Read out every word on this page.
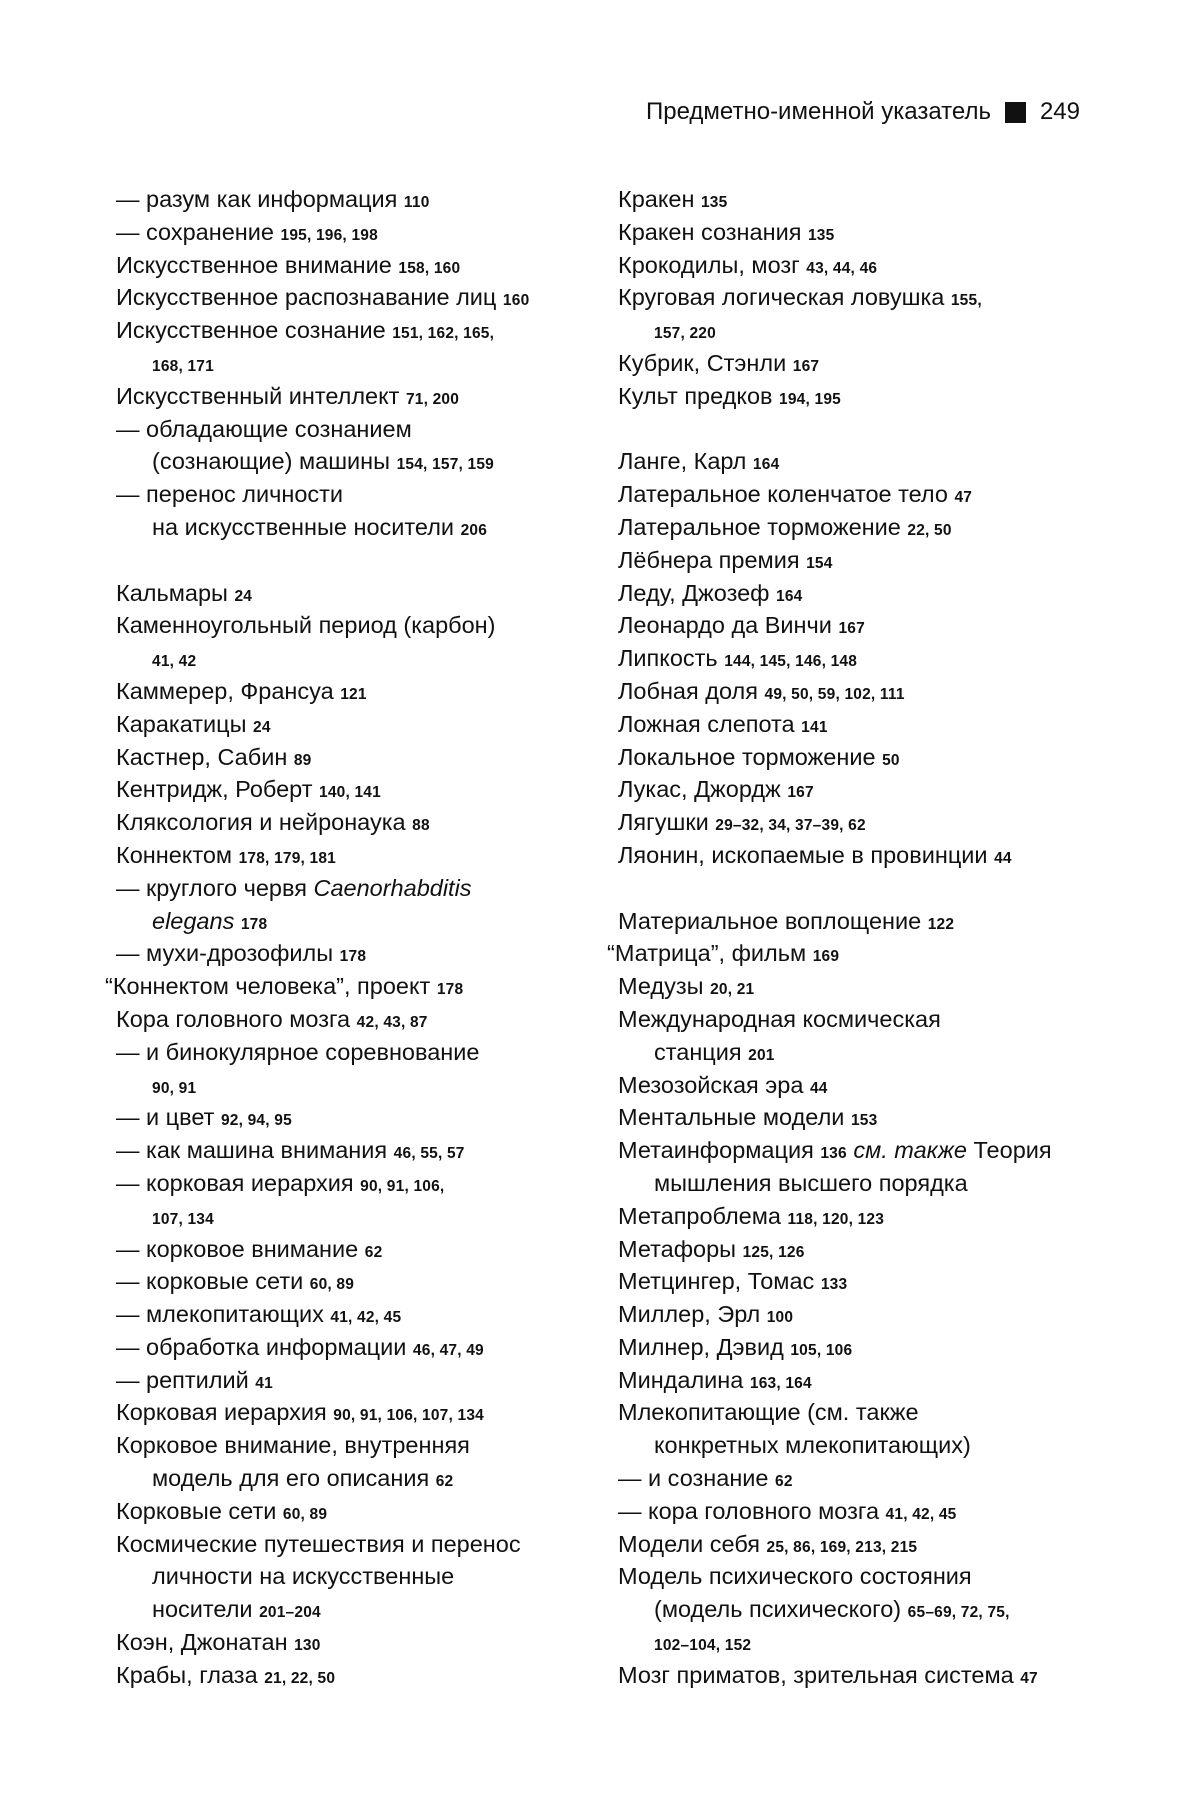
Предметно-именной указатель 249
— разум как информация 110
— сохранение 195, 196, 198
Искусственное внимание 158, 160
Искусственное распознавание лиц 160
Искусственное сознание 151, 162, 165,
168, 171
Искусственный интеллект 71, 200
— обладающие сознанием
(сознающие) машины 154, 157, 159
— перенос личности
на искусственные носители 206
Кальмары 24
Каменноугольный период (карбон)
41, 42
Каммерер, Франсуа 121
Каракатицы 24
Кастнер, Сабин 89
Кентридж, Роберт 140, 141
Кляксология и нейронаука 88
Коннектом 178, 179, 181
— круглого червя Caenorhabditis
elegans 178
— мухи-дрозофилы 178
“Коннектом человека”, проект 178
Кора головного мозга 42, 43, 87
— и бинокулярное соревнование
90, 91
— и цвет 92, 94, 95
— как машина внимания 46, 55, 57
— корковая иерархия 90, 91, 106,
107, 134
— корковое внимание 62
— корковые сети 60, 89
— млекопитающих 41, 42, 45
— обработка информации 46, 47, 49
— рептилий 41
Корковая иерархия 90, 91, 106, 107, 134
Корковое внимание, внутренняя
модель для его описания 62
Корковые сети 60, 89
Космические путешествия и перенос
личности на искусственные
носители 201–204
Коэн, Джонатан 130
Крабы, глаза 21, 22, 50
Кракен 135
Кракен сознания 135
Крокодилы, мозг 43, 44, 46
Круговая логическая ловушка 155,
157, 220
Кубрик, Стэнли 167
Культ предков 194, 195
Ланге, Карл 164
Латеральное коленчатое тело 47
Латеральное торможение 22, 50
Лёбнера премия 154
Леду, Джозеф 164
Леонардо да Винчи 167
Липкость 144, 145, 146, 148
Лобная доля 49, 50, 59, 102, 111
Ложная слепота 141
Локальное торможение 50
Лукас, Джордж 167
Лягушки 29–32, 34, 37–39, 62
Ляонин, ископаемые в провинции 44
Материальное воплощение 122
“Матрица”, фильм 169
Медузы 20, 21
Международная космическая
станция 201
Мезозойская эра 44
Ментальные модели 153
Метаинформация 136 см. также Теория
мышления высшего порядка
Метапроблема 118, 120, 123
Метафоры 125, 126
Метцингер, Томас 133
Миллер, Эрл 100
Милнер, Дэвид 105, 106
Миндалина 163, 164
Млекопитающие (см. также
конкретных млекопитающих)
— и сознание 62
— кора головного мозга 41, 42, 45
Модели себя 25, 86, 169, 213, 215
Модель психического состояния
(модель психического) 65–69, 72, 75,
102–104, 152
Мозг приматов, зрительная система 47
